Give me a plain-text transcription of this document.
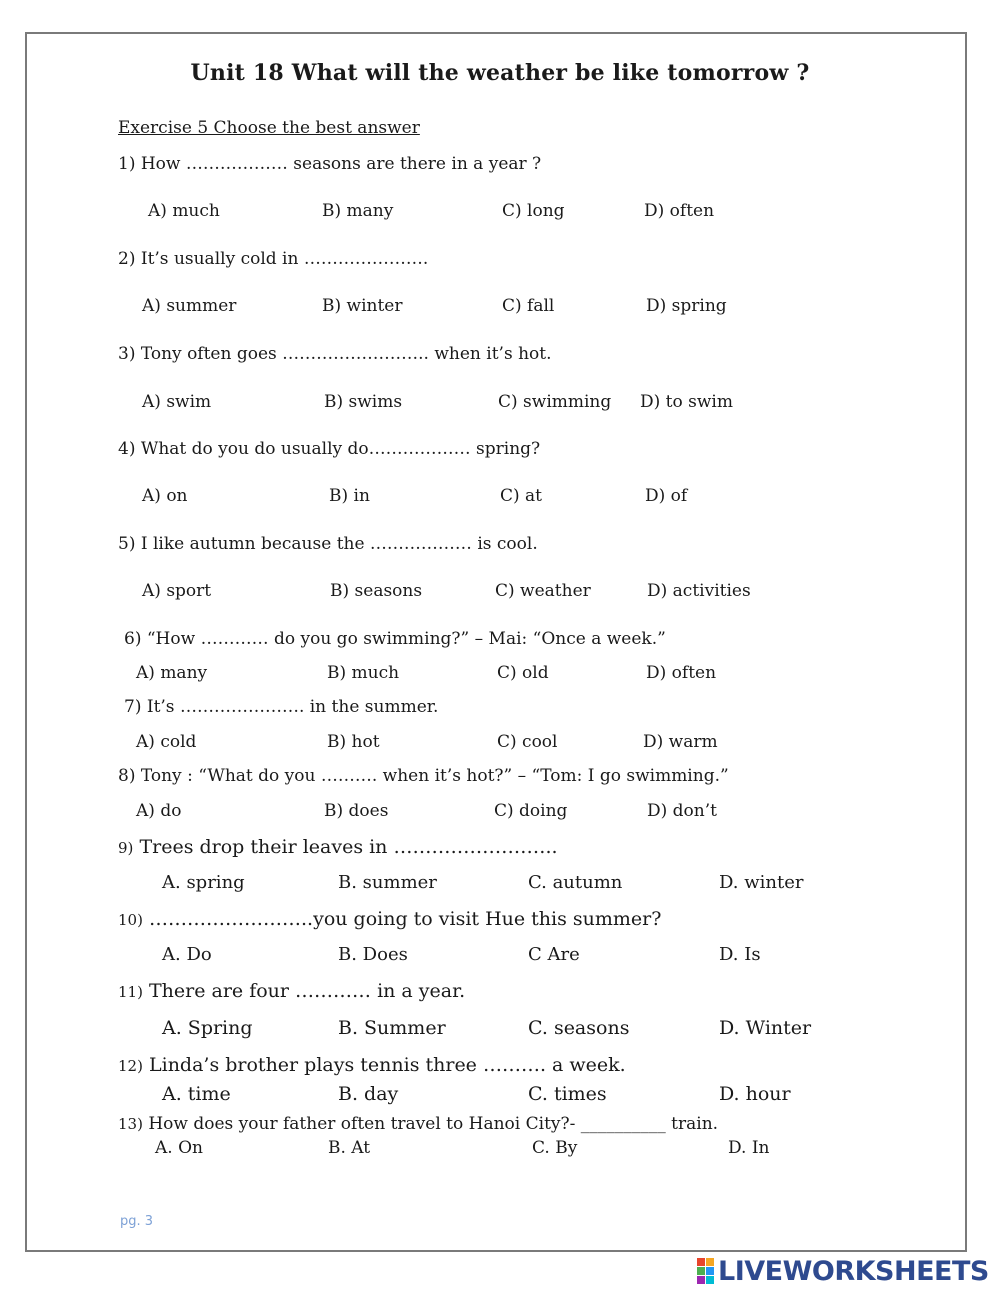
Unit 18 What will the weather be like tomorrow ?
Exercise 5 Choose the best answer
1) How ……………… seasons are there in a year ?
A) much	B) many	C) long	D) often
2) It’s usually cold in ………………….
A) summer	B) winter	C) fall	D) spring
3) Tony often goes …………………….. when it’s hot.
A) swim	B) swims	C) swimming D) to swim
4) What do you do usually do……………… spring?
A) on	B) in	C) at	D) of
5) I like autumn because the ……………… is cool.
A) sport	B) seasons	C) weather	D) activities
6) “How ………… do you go swimming?” – Mai: “Once a week.”
A) many	B) much	C) old	D) often
7) It’s …………………. in the summer.
A) cold	B) hot	C) cool	D) warm
8) Tony : “What do you ………. when it’s hot?” – “Tom: I go swimming.”
A) do	B) does	C) doing	D) don’t
9) Trees drop their leaves in ……………………..
A. spring	B. summer	C. autumn	D. winter
10) ……………………..you going to visit Hue this summer?
A. Do	B. Does	C Are	D. Is
11) There are four ………… in a year.
A. Spring	B. Summer	C. seasons	D. Winter
12) Linda’s brother plays tennis three ………. a week.
A. time	B. day	C. times	D. hour
13) How does your father often travel to Hanoi City?- __________ train.
A. On	B. At	C. By	D. In
pg. 3
LIVEWORKSHEETS
